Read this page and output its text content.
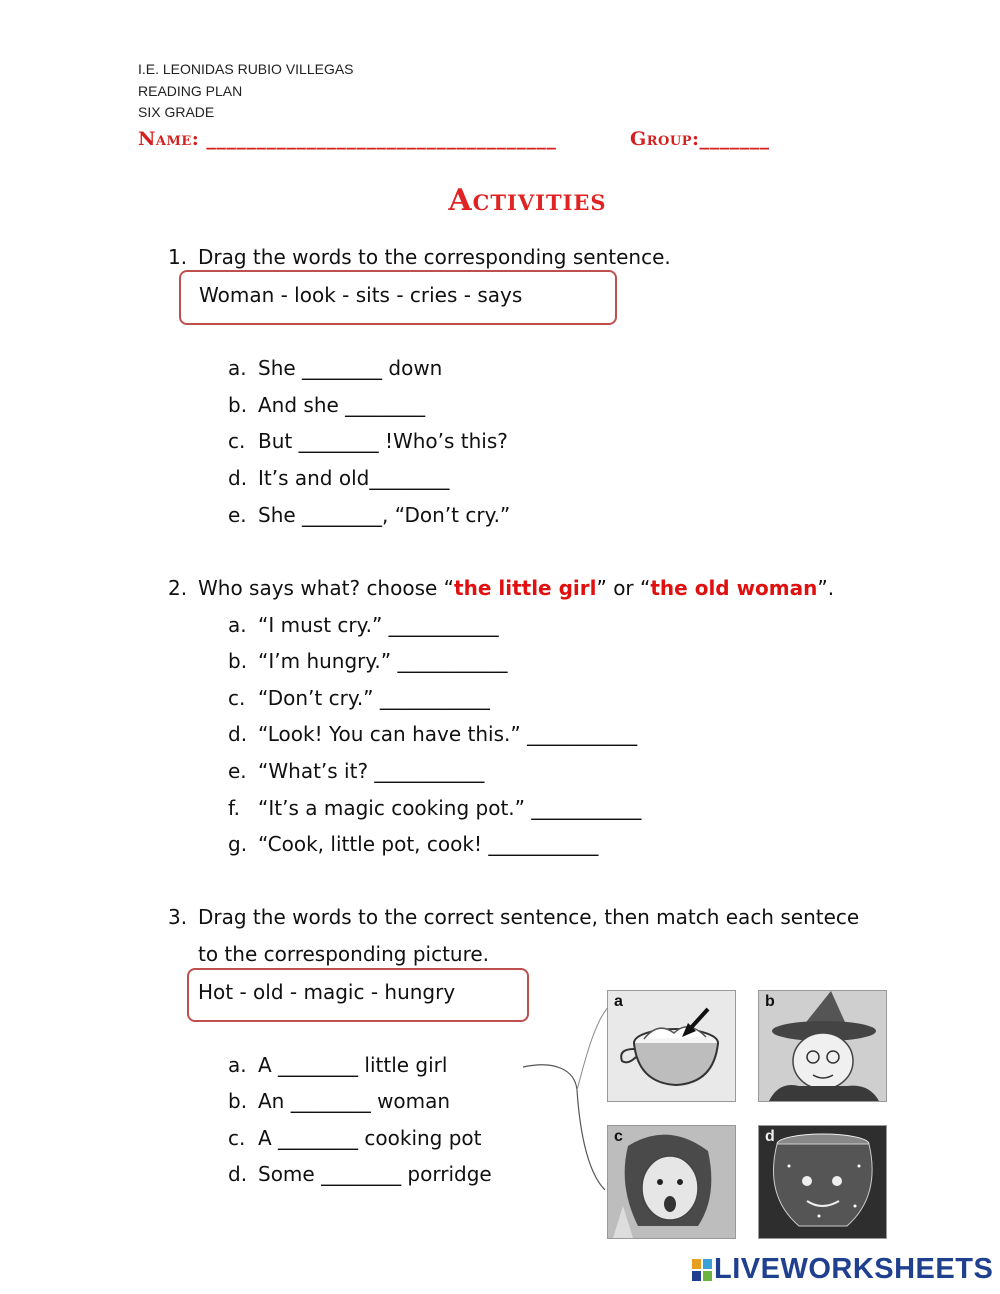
I.E. LEONIDAS RUBIO VILLEGAS
READING PLAN
SIX GRADE
Name: ___________________________________	Group:_______
Activities
1. Drag the words to the corresponding sentence.
Woman - look - sits - cries - says
a. She ________ down
b. And she ________
c. But ________ !Who’s this?
d. It’s and old________
e. She ________, “Don’t cry.”
2. Who says what? choose “the little girl” or “the old woman”.
a. “I must cry.” ___________
b. “I’m hungry.” ___________
c. “Don’t cry.” ___________
d. “Look! You can have this.” ___________
e. “What’s it? ___________
f. “It’s a magic cooking pot.” ___________
g. “Cook, little pot, cook! ___________
3. Drag the words to the correct sentence, then match each sentece
to the corresponding picture.
Hot - old - magic - hungry
a. A ________ little girl
b. An ________ woman
c. A ________ cooking pot
d. Some ________ porridge
a	b
c	d
LIVEWORKSHEETS
